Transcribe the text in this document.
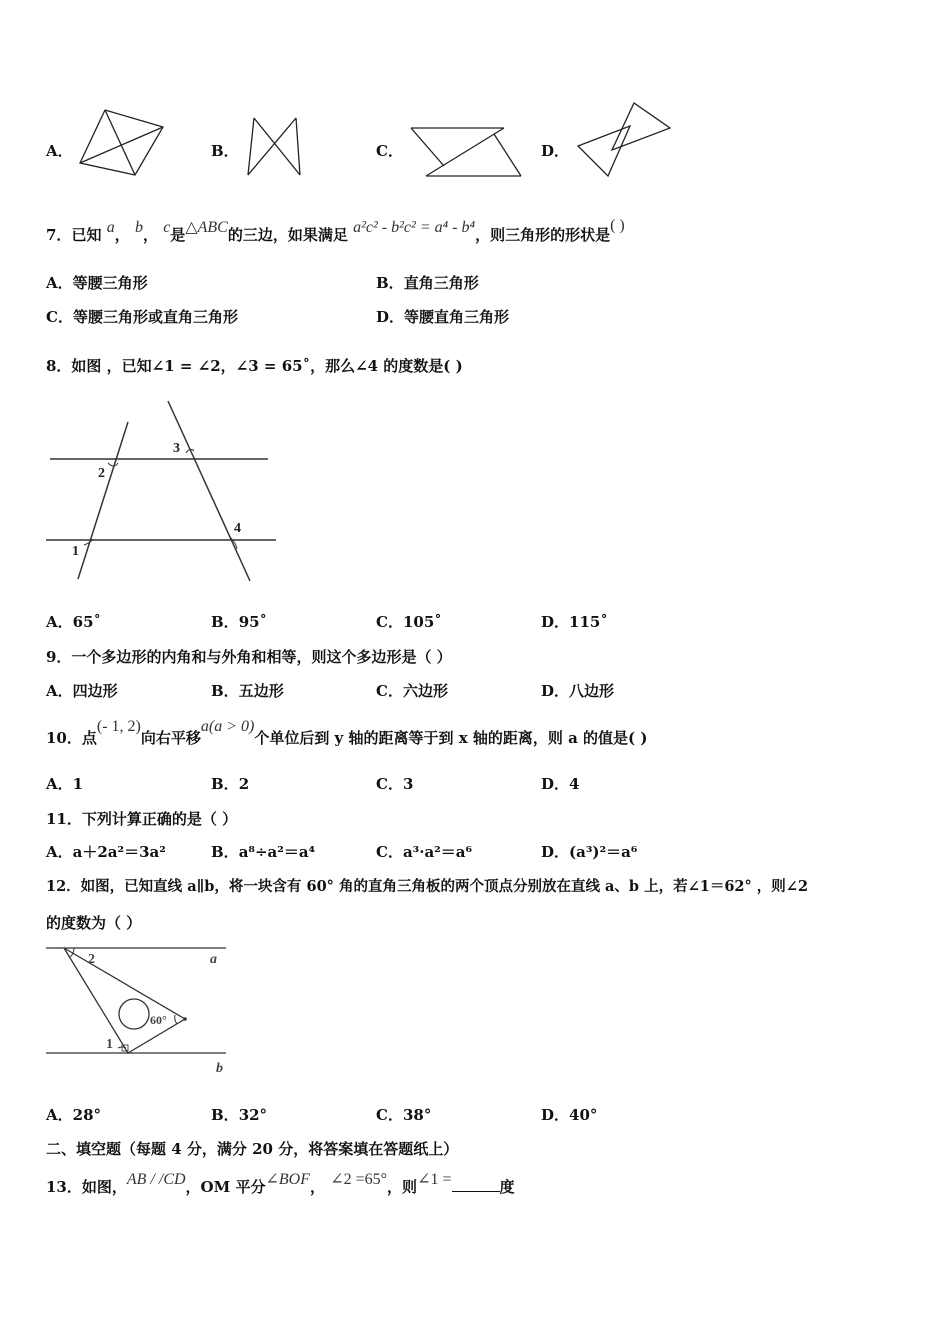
A．	B．	C．	D．
7．已知 a， b， c是△ABC的三边，如果满足 a²c² - b²c² = a⁴ - b⁴，则三角形的形状是( )
A．等腰三角形	B．直角三角形
C．等腰三角形或直角三角形	D．等腰直角三角形
8．如图 ，已知∠1 = ∠2，∠3 = 65˚，那么∠4 的度数是( )
1
2
3
4
A．65˚	B．95˚	C．105˚	D．115˚
9．一个多边形的内角和与外角和相等，则这个多边形是（ ）
A．四边形	B．五边形	C．六边形	D．八边形
10．点(- 1, 2)向右平移a(a > 0)个单位后到 y 轴的距离等于到 x 轴的距离，则 a 的值是( )
A．1	B．2	C．3	D．4
11．下列计算正确的是（ ）
A．a＋2a²＝3a²	B．a⁸÷a²＝a⁴	C．a³·a²＝a⁶	D．(a³)²＝a⁶
12．如图，已知直线 a∥b，将一块含有 60° 角的直角三角板的两个顶点分别放在直线 a、b 上，若∠1＝62° ，则∠2
的度数为（ ）
2	a
60°
1
b
A．28°	B．32°	C．38°	D．40°
二、填空题（每题 4 分，满分 20 分，将答案填在答题纸上）
13．如图，AB / /CD，OM 平分∠BOF， ∠2 =65°，则∠1 =	度
